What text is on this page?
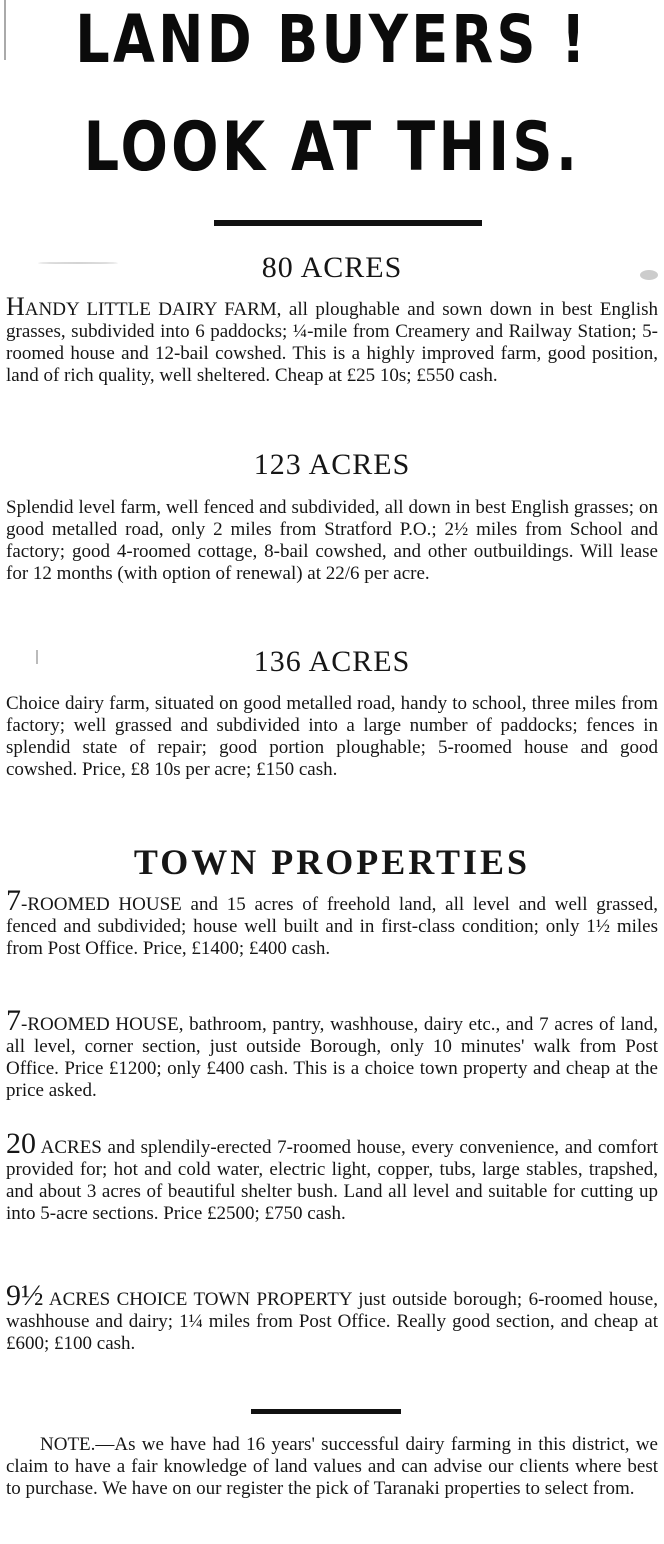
LAND BUYERS !
LOOK AT THIS.
80 ACRES

HANDY LITTLE DAIRY FARM, all ploughable and sown down in best English grasses, subdivided into 6 paddocks; ¼-mile from Creamery and Railway Station; 5-roomed house and 12-bail cowshed. This is a highly improved farm, good position, land of rich quality, well sheltered. Cheap at £25 10s; £550 cash.

123 ACRES

Splendid level farm, well fenced and subdivided, all down in best English grasses; on good metalled road, only 2 miles from Stratford P.O.; 2½ miles from School and factory; good 4-roomed cottage, 8-bail cowshed, and other outbuildings. Will lease for 12 months (with option of renewal) at 22/6 per acre.

136 ACRES

Choice dairy farm, situated on good metalled road, handy to school, three miles from factory; well grassed and subdivided into a large number of paddocks; fences in splendid state of repair; good portion ploughable; 5-roomed house and good cowshed. Price, £8 10s per acre; £150 cash.

TOWN PROPERTIES

7-ROOMED HOUSE and 15 acres of freehold land, all level and well grassed, fenced and subdivided; house well built and in first-class condition; only 1½ miles from Post Office. Price, £1400; £400 cash.

7-ROOMED HOUSE, bathroom, pantry, washhouse, dairy etc., and 7 acres of land, all level, corner section, just outside Borough, only 10 minutes' walk from Post Office. Price £1200; only £400 cash. This is a choice town property and cheap at the price asked.

20 ACRES and splendily-erected 7-roomed house, every convenience, and comfort provided for; hot and cold water, electric light, copper, tubs, large stables, trapshed, and about 3 acres of beautiful shelter bush. Land all level and suitable for cutting up into 5-acre sections. Price £2500; £750 cash.

9½ ACRES CHOICE TOWN PROPERTY just outside borough; 6-roomed house, washhouse and dairy; 1¼ miles from Post Office. Really good section, and cheap at £600; £100 cash.

NOTE.—As we have had 16 years' successful dairy farming in this district, we claim to have a fair knowledge of land values and can advise our clients where best to purchase. We have on our register the pick of Taranaki properties to select from.
